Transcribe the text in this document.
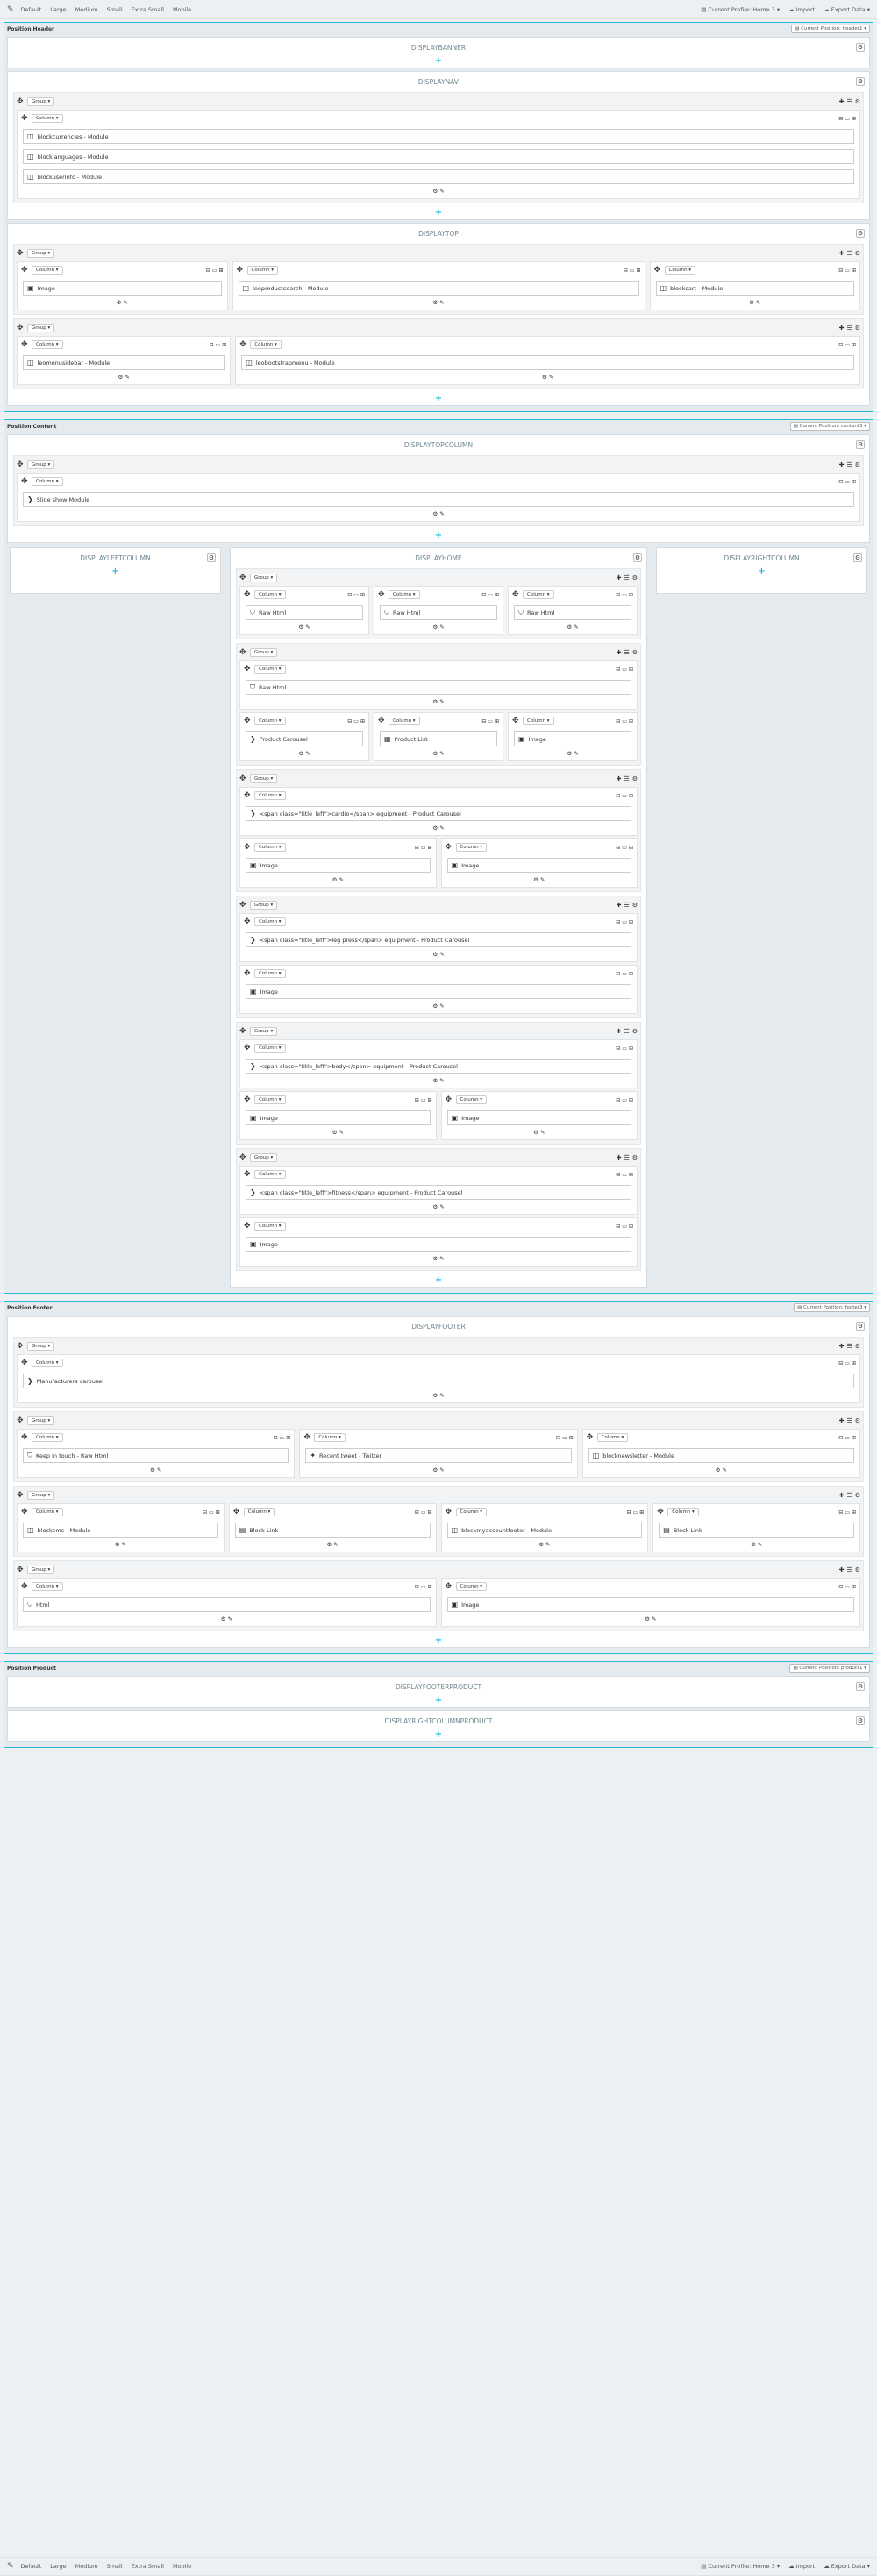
✎ Default Large Medium Small Extra Small Mobile	▤ Current Profile: Home 3 ▾ ☁ Import ☁ Export Data ▾
Position Header	▤ Current Position: header1 ▾
DISPLAYBANNER	⚙
+
DISPLAYNAV	⚙
✥	Group ▾	✚ ☰ ⚙
✥	Column ▾	⊟ ▭ ⊞
◫ blockcurrencies - Module
◫ blocklanguages - Module
◫ blockuserinfo - Module
⚙ ✎
+
DISPLAYTOP	⚙
✥	Group ▾	✚ ☰ ⚙
✥	Column ▾	⊟ ▭ ⊞
▣ Image
⚙ ✎
✥	Column ▾	⊟ ▭ ⊞
◫ leoproductsearch - Module
⚙ ✎
✥	Column ▾	⊟ ▭ ⊞
◫ blockcart - Module
⚙ ✎
✥	Group ▾	✚ ☰ ⚙
✥	Column ▾	⊟ ▭ ⊞
◫ leomenusidebar - Module
⚙ ✎
✥	Column ▾	⊟ ▭ ⊞
◫ leobootstrapmenu - Module
⚙ ✎
+
Position Content	▤ Current Position: content3 ▾
DISPLAYTOPCOLUMN	⚙
✥	Group ▾	✚ ☰ ⚙
✥	Column ▾	⊟ ▭ ⊞
❯ Slide show Module
⚙ ✎
+
DISPLAYLEFTCOLUMN	⚙
+
DISPLAYHOME	⚙
✥	Group ▾	✚ ☰ ⚙
✥	Column ▾	⊟ ▭ ⊞
⛉ Raw Html
⚙ ✎
✥	Column ▾	⊟ ▭ ⊞
⛉ Raw Html
⚙ ✎
✥	Column ▾	⊟ ▭ ⊞
⛉ Raw Html
⚙ ✎
✥	Group ▾	✚ ☰ ⚙
✥	Column ▾	⊟ ▭ ⊞
⛉ Raw Html
⚙ ✎
✥	Column ▾	⊟ ▭ ⊞
❯ Product Carousel
⚙ ✎
✥	Column ▾	⊟ ▭ ⊞
▦ Product List
⚙ ✎
✥	Column ▾	⊟ ▭ ⊞
▣ Image
⚙ ✎
✥	Group ▾	✚ ☰ ⚙
✥	Column ▾	⊟ ▭ ⊞
❯ <span class="title_left">cardio</span> equipment - Product Carousel
⚙ ✎
✥	Column ▾	⊟ ▭ ⊞
▣ Image
⚙ ✎
✥	Column ▾	⊟ ▭ ⊞
▣ Image
⚙ ✎
✥	Group ▾	✚ ☰ ⚙
✥	Column ▾	⊟ ▭ ⊞
❯ <span class="title_left">leg press</span> equipment - Product Carousel
⚙ ✎
✥	Column ▾	⊟ ▭ ⊞
▣ Image
⚙ ✎
✥	Group ▾	✚ ☰ ⚙
✥	Column ▾	⊟ ▭ ⊞
❯ <span class="title_left">body</span> equipment - Product Carousel
⚙ ✎
✥	Column ▾	⊟ ▭ ⊞
▣ Image
⚙ ✎
✥	Column ▾	⊟ ▭ ⊞
▣ Image
⚙ ✎
✥	Group ▾	✚ ☰ ⚙
✥	Column ▾	⊟ ▭ ⊞
❯ <span class="title_left">fitness</span> equipment - Product Carousel
⚙ ✎
✥	Column ▾	⊟ ▭ ⊞
▣ Image
⚙ ✎
+
DISPLAYRIGHTCOLUMN	⚙
+
Position Footer	▤ Current Position: footer3 ▾
DISPLAYFOOTER	⚙
✥	Group ▾	✚ ☰ ⚙
✥	Column ▾	⊟ ▭ ⊞
❯ Manufacturers carousel
⚙ ✎
✥	Group ▾	✚ ☰ ⚙
✥	Column ▾	⊟ ▭ ⊞
⛉ Keep in touch - Raw Html
⚙ ✎
✥	Column ▾	⊟ ▭ ⊞
✦ Recent tweet - Twitter
⚙ ✎
✥	Column ▾	⊟ ▭ ⊞
◫ blocknewsletter - Module
⚙ ✎
✥	Group ▾	✚ ☰ ⚙
✥	Column ▾	⊟ ▭ ⊞
◫ blockcms - Module
⚙ ✎
✥	Column ▾	⊟ ▭ ⊞
▤ Block Link
⚙ ✎
✥	Column ▾	⊟ ▭ ⊞
◫ blockmyaccountfooter - Module
⚙ ✎
✥	Column ▾	⊟ ▭ ⊞
▤ Block Link
⚙ ✎
✥	Group ▾	✚ ☰ ⚙
✥	Column ▾	⊟ ▭ ⊞
⛉ Html
⚙ ✎
✥	Column ▾	⊟ ▭ ⊞
▣ Image
⚙ ✎
+
Position Product	▤ Current Position: product1 ▾
DISPLAYFOOTERPRODUCT	⚙
+
DISPLAYRIGHTCOLUMNPRODUCT	⚙
+
✎ Default Large Medium Small Extra Small Mobile	▤ Current Profile: Home 3 ▾ ☁ Import ☁ Export Data ▾
